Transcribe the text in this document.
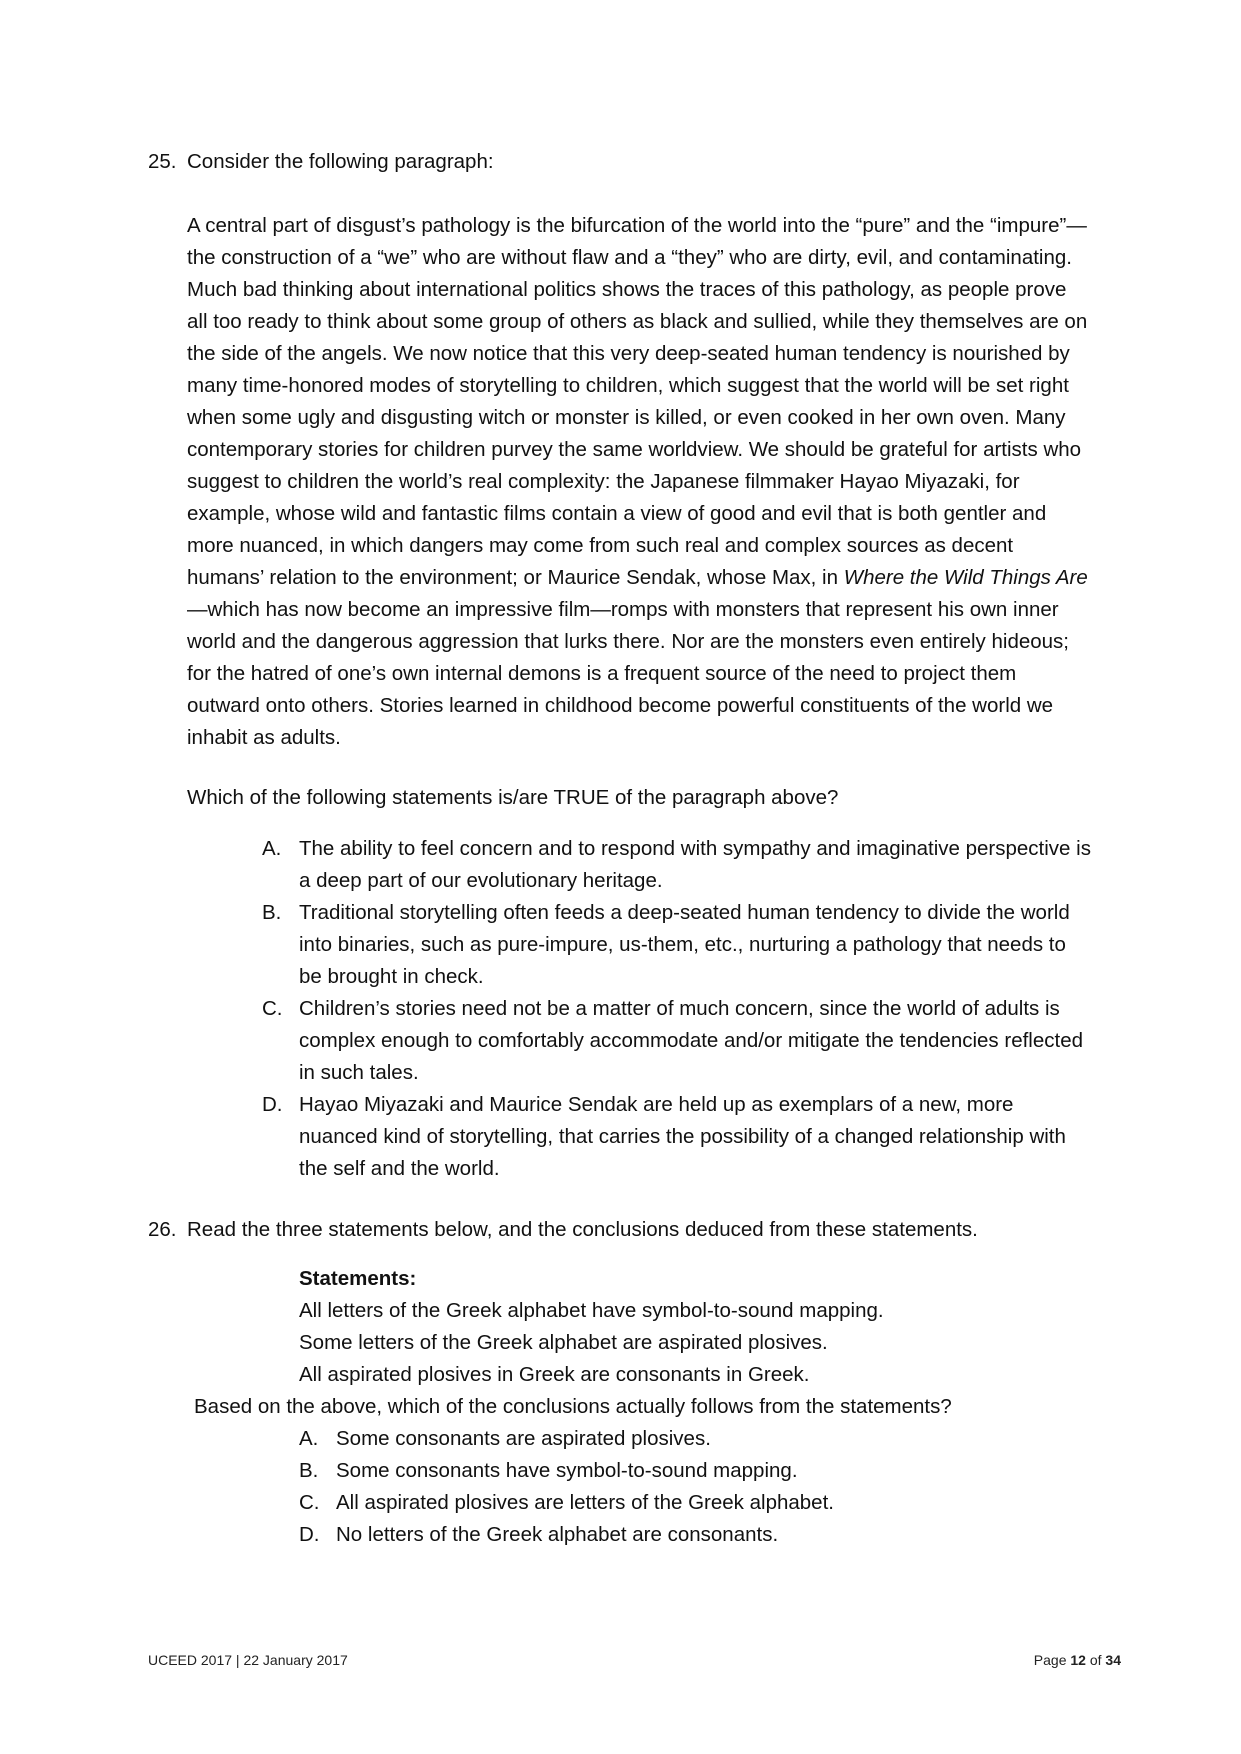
25. Consider the following paragraph:
A central part of disgust’s pathology is the bifurcation of the world into the “pure” and the “impure”—the construction of a “we” who are without flaw and a “they” who are dirty, evil, and contaminating. Much bad thinking about international politics shows the traces of this pathology, as people prove all too ready to think about some group of others as black and sullied, while they themselves are on the side of the angels. We now notice that this very deep-seated human tendency is nourished by many time-honored modes of storytelling to children, which suggest that the world will be set right when some ugly and disgusting witch or monster is killed, or even cooked in her own oven. Many contemporary stories for children purvey the same worldview. We should be grateful for artists who suggest to children the world’s real complexity: the Japanese filmmaker Hayao Miyazaki, for example, whose wild and fantastic films contain a view of good and evil that is both gentler and more nuanced, in which dangers may come from such real and complex sources as decent humans’ relation to the environment; or Maurice Sendak, whose Max, in Where the Wild Things Are—which has now become an impressive film—romps with monsters that represent his own inner world and the dangerous aggression that lurks there. Nor are the monsters even entirely hideous; for the hatred of one’s own internal demons is a frequent source of the need to project them outward onto others. Stories learned in childhood become powerful constituents of the world we inhabit as adults.
Which of the following statements is/are TRUE of the paragraph above?
A. The ability to feel concern and to respond with sympathy and imaginative perspective is a deep part of our evolutionary heritage.
B. Traditional storytelling often feeds a deep-seated human tendency to divide the world into binaries, such as pure-impure, us-them, etc., nurturing a pathology that needs to be brought in check.
C. Children’s stories need not be a matter of much concern, since the world of adults is complex enough to comfortably accommodate and/or mitigate the tendencies reflected in such tales.
D. Hayao Miyazaki and Maurice Sendak are held up as exemplars of a new, more nuanced kind of storytelling, that carries the possibility of a changed relationship with the self and the world.
26. Read the three statements below, and the conclusions deduced from these statements.
Statements:
All letters of the Greek alphabet have symbol-to-sound mapping.
Some letters of the Greek alphabet are aspirated plosives.
All aspirated plosives in Greek are consonants in Greek.
Based on the above, which of the conclusions actually follows from the statements?
A. Some consonants are aspirated plosives.
B. Some consonants have symbol-to-sound mapping.
C. All aspirated plosives are letters of the Greek alphabet.
D. No letters of the Greek alphabet are consonants.
UCEED 2017 | 22 January 2017	Page 12 of 34
